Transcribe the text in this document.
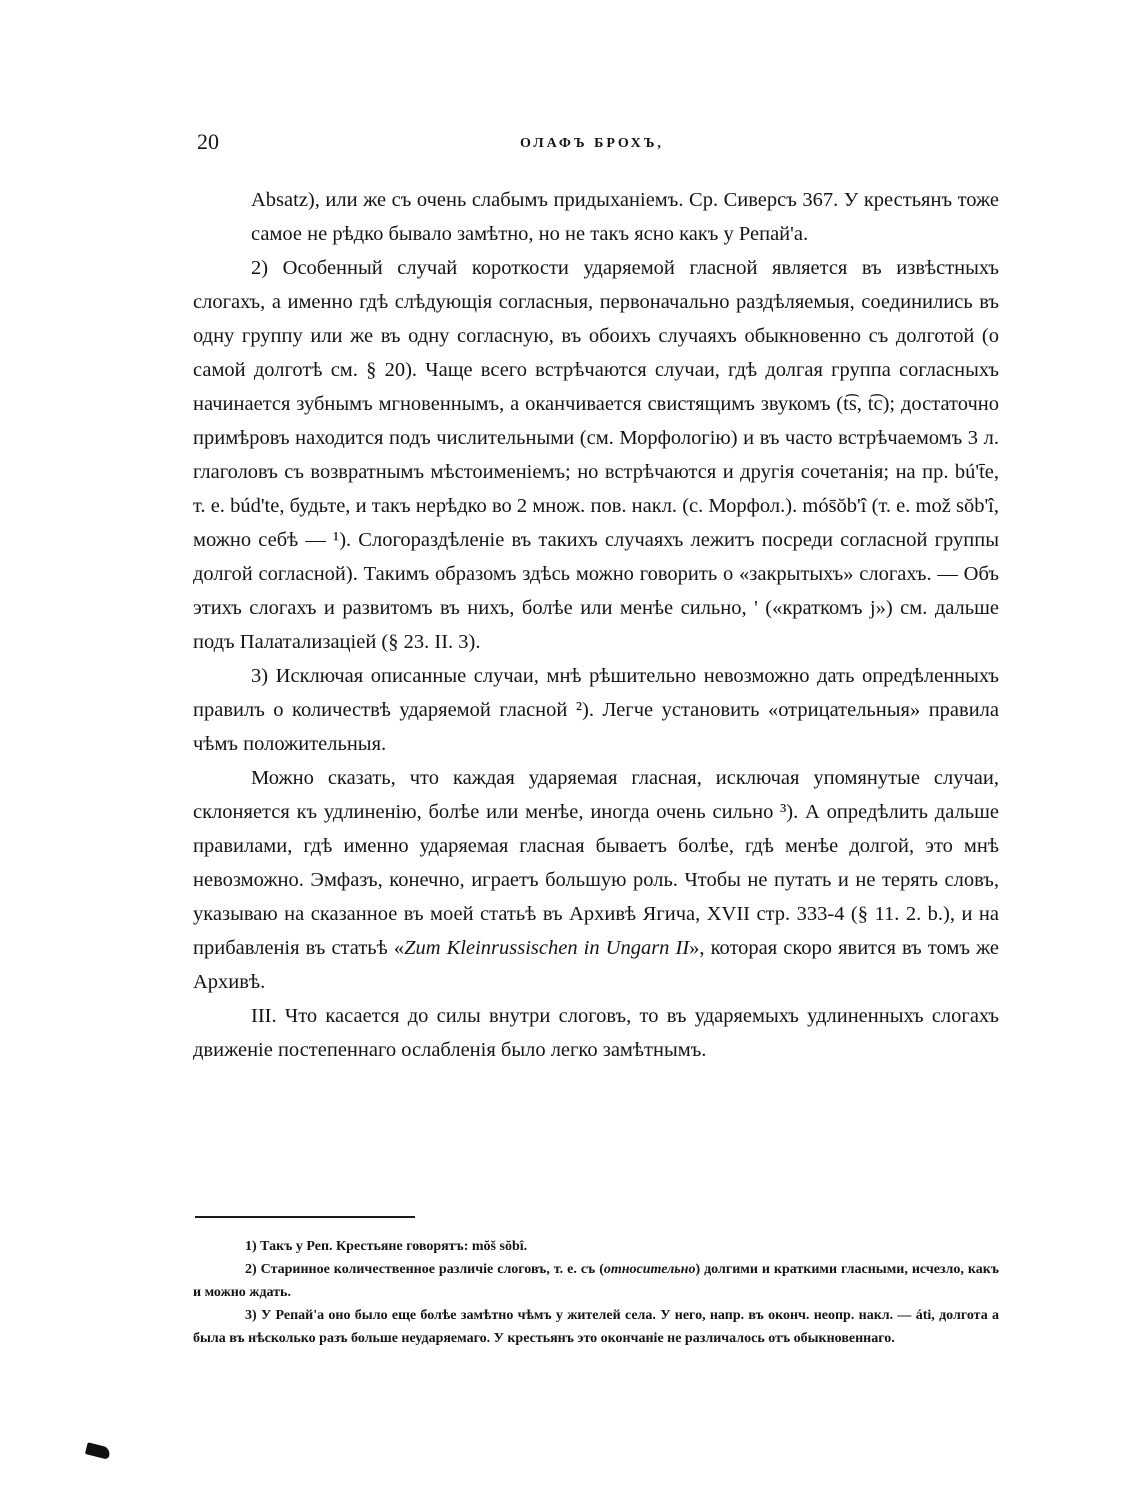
20	ОЛАФЪ БРОХЪ,

Absatz), или же съ очень слабымъ придыханіемъ. Ср. Сиверсъ 367. У крестьянъ тоже самое не рѣдко бывало замѣтно, но не такъ ясно какъ у Репай'а.

2) Особенный случай короткости ударяемой гласной является въ извѣстныхъ слогахъ, а именно гдѣ слѣдующія согласныя, первоначально раздѣляемыя, соединились въ одну группу или же въ одну согласную, въ обоихъ случаяхъ обыкновенно съ долготой (о самой долготѣ см. § 20). Чаще всего встрѣчаются случаи, гдѣ долгая группа согласныхъ начинается зубнымъ мгновеннымъ, а оканчивается свистящимъ звукомъ (t͡s, t͡c); достаточно примѣровъ находится подъ числительными (см. Морфологію) и въ часто встрѣчаемомъ 3 л. глаголовъ съ возвратнымъ мѣстоименіемъ; но встрѣчаются и другія сочетанія; на пр. bú't̄e, т. е. búd'te, будьте, и такъ нерѣдко во 2 множ. пов. накл. (с. Морфол.). mós̄ŏb'î (т. е. mož sŏb'î, можно себѣ — ¹). Слогораздѣленіе въ такихъ случаяхъ лежитъ посреди согласной группы долгой согласной). Такимъ образомъ здѣсь можно говорить о «закрытыхъ» слогахъ. — Объ этихъ слогахъ и развитомъ въ нихъ, болѣе или менѣе сильно, ' («краткомъ j») см. дальше подъ Палатализаціей (§ 23. II. 3).

3) Исключая описанные случаи, мнѣ рѣшительно невозможно дать опредѣленныхъ правилъ о количествѣ ударяемой гласной ²). Легче установить «отрицательныя» правила чѣмъ положительныя.

Можно сказать, что каждая ударяемая гласная, исключая упомянутые случаи, склоняется къ удлиненію, болѣе или менѣе, иногда очень сильно ³). А опредѣлить дальше правилами, гдѣ именно ударяемая гласная бываетъ болѣе, гдѣ менѣе долгой, это мнѣ невозможно. Эмфазъ, конечно, играетъ большую роль. Чтобы не путать и не терять словъ, указываю на сказанное въ моей статьѣ въ Архивѣ Ягича, XVII стр. 333-4 (§ 11. 2. b.), и на прибавленія въ статьѣ «Zum Kleinrussischen in Ungarn II», которая скоро явится въ томъ же Архивѣ.

III. Что касается до силы внутри слоговъ, то въ ударяемыхъ удлиненныхъ слогахъ движеніе постепеннаго ослабленія было легко замѣтнымъ.

1) Такъ у Реп. Крестьяне говорятъ: mŏš sŏbî.

2) Старинное количественное различіе слоговъ, т. е. съ (относительно) долгими и краткими гласными, исчезло, какъ и можно ждать.

3) У Репай'а оно было еще болѣе замѣтно чѣмъ у жителей села. У него, напр. въ оконч. неопр. накл. — áti, долгота а была въ нѣсколько разъ больше неударяемаго. У крестьянъ это окончаніе не различалось отъ обыкновеннаго.
